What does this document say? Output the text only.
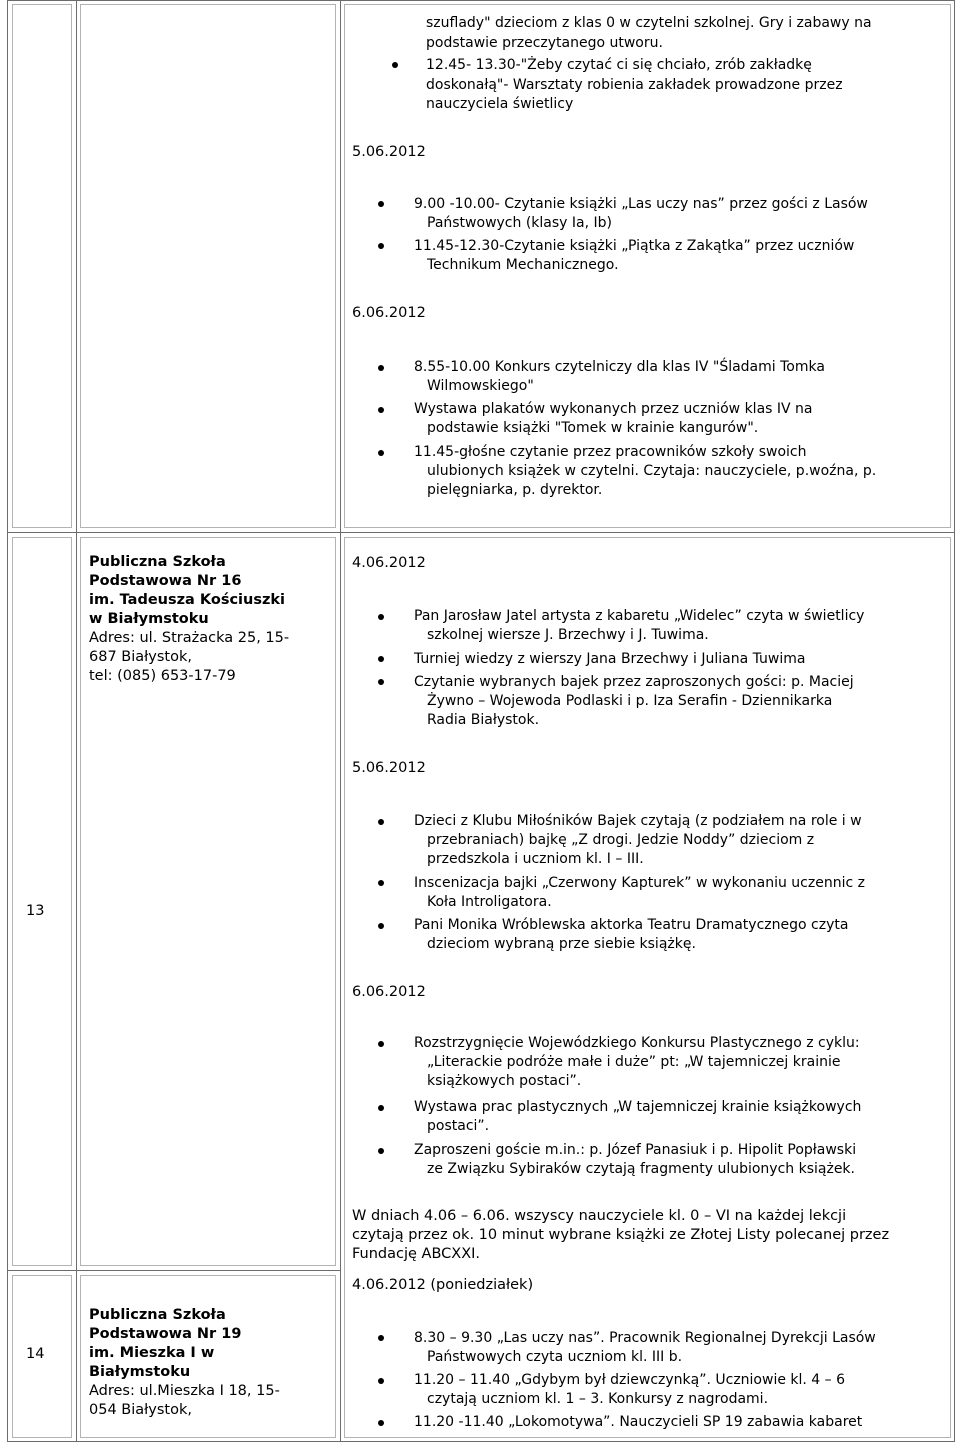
szuflady" dzieciom z klas 0 w czytelni szkolnej. Gry i zabawy na
podstawie przeczytanego utworu.
12.45- 13.30-"Żeby czytać ci się chciało, zrób zakładkę
doskonałą"- Warsztaty robienia zakładek prowadzone przez
nauczyciela świetlicy
5.06.2012
9.00 -10.00- Czytanie książki „Las uczy nas” przez gości z Lasów
Państwowych (klasy Ia, Ib)
11.45-12.30-Czytanie książki „Piątka z Zakątka” przez uczniów
Technikum Mechanicznego.
6.06.2012
8.55-10.00 Konkurs czytelniczy dla klas IV "Śladami Tomka
Wilmowskiego"
Wystawa plakatów wykonanych przez uczniów klas IV na
podstawie książki "Tomek w krainie kangurów".
11.45-głośne czytanie przez pracowników szkoły swoich
ulubionych książek w czytelni. Czytaja: nauczyciele, p.woźna, p.
pielęgniarka, p. dyrektor.
13
Publiczna Szkoła
Podstawowa Nr 16
im. Tadeusza Kościuszki
w Białymstoku
Adres: ul. Strażacka 25, 15-
687 Białystok,
tel: (085) 653-17-79
4.06.2012
Pan Jarosław Jatel artysta z kabaretu „Widelec” czyta w świetlicy
szkolnej wiersze J. Brzechwy i J. Tuwima.
Turniej wiedzy z wierszy Jana Brzechwy i Juliana Tuwima
Czytanie wybranych bajek przez zaproszonych gości: p. Maciej
Żywno – Wojewoda Podlaski i p. Iza Serafin - Dziennikarka
Radia Białystok.
5.06.2012
Dzieci z Klubu Miłośników Bajek czytają (z podziałem na role i w
przebraniach) bajkę „Z drogi. Jedzie Noddy” dzieciom z
przedszkola i uczniom kl. I – III.
Inscenizacja bajki „Czerwony Kapturek” w wykonaniu uczennic z
Koła Introligatora.
Pani Monika Wróblewska aktorka Teatru Dramatycznego czyta
dzieciom wybraną prze siebie książkę.
6.06.2012
Rozstrzygnięcie Wojewódzkiego Konkursu Plastycznego z cyklu:
„Literackie podróże małe i duże” pt: „W tajemniczej krainie
książkowych postaci”.
Wystawa prac plastycznych „W tajemniczej krainie książkowych
postaci”.
Zaproszeni goście m.in.: p. Józef Panasiuk i p. Hipolit Popławski
ze Związku Sybiraków czytają fragmenty ulubionych książek.
W dniach 4.06 – 6.06. wszyscy nauczyciele kl. 0 – VI na każdej lekcji
czytają przez ok. 10 minut wybrane książki ze Złotej Listy polecanej przez
Fundację ABCXXI.
14
Publiczna Szkoła
Podstawowa Nr 19
im. Mieszka I w
Białymstoku
Adres: ul.Mieszka I 18, 15-
054 Białystok,
4.06.2012 (poniedziałek)
8.30 – 9.30 „Las uczy nas”. Pracownik Regionalnej Dyrekcji Lasów
Państwowych czyta uczniom kl. III b.
11.20 – 11.40 „Gdybym był dziewczynką”. Uczniowie kl. 4 – 6
czytają uczniom kl. 1 – 3. Konkursy z nagrodami.
11.20 -11.40 „Lokomotywa”. Nauczycieli SP 19 zabawia kabaret
